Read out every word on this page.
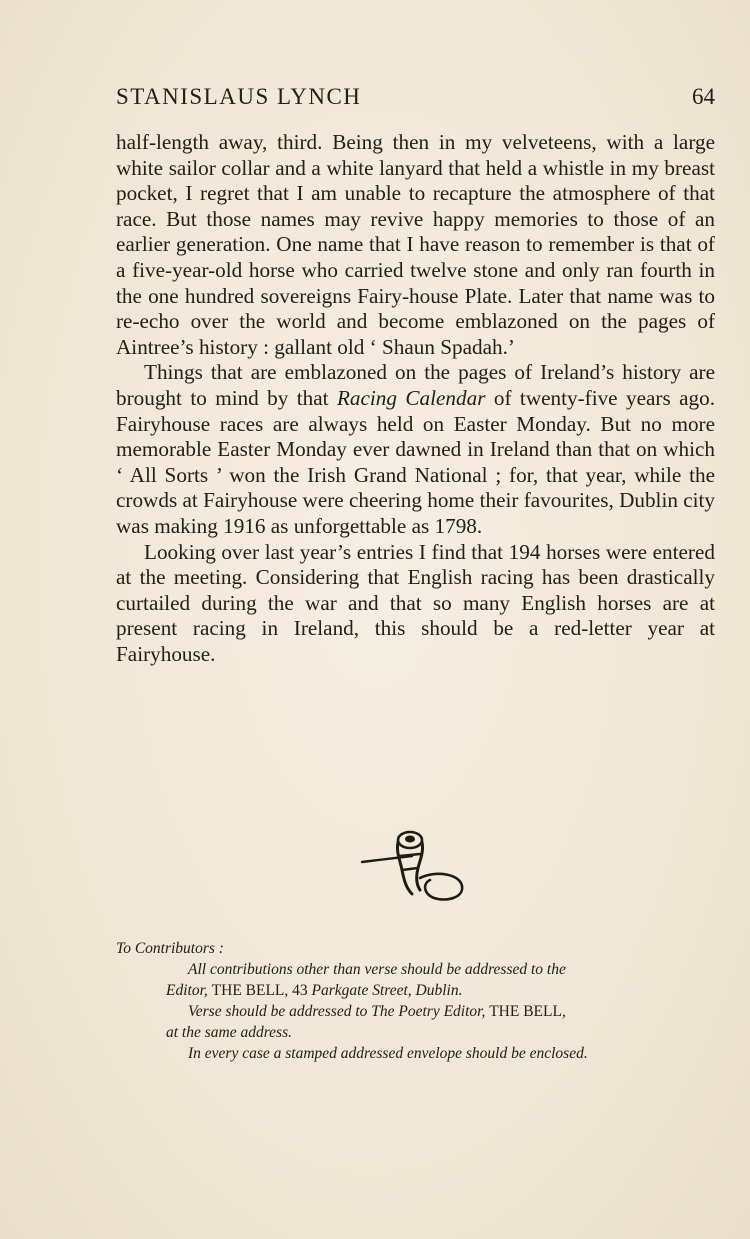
STANISLAUS LYNCH	64

half-length away, third. Being then in my velveteens, with a large white sailor collar and a white lanyard that held a whistle in my breast pocket, I regret that I am unable to recapture the atmosphere of that race. But those names may revive happy memories to those of an earlier generation. One name that I have reason to remember is that of a five-year-old horse who carried twelve stone and only ran fourth in the one hundred sovereigns Fairy-house Plate. Later that name was to re-echo over the world and become emblazoned on the pages of Aintree’s history : gallant old ‘ Shaun Spadah.’

Things that are emblazoned on the pages of Ireland’s history are brought to mind by that Racing Calendar of twenty-five years ago. Fairyhouse races are always held on Easter Monday. But no more memorable Easter Monday ever dawned in Ireland than that on which ‘ All Sorts ’ won the Irish Grand National ; for, that year, while the crowds at Fairyhouse were cheering home their favourites, Dublin city was making 1916 as unforgettable as 1798.

Looking over last year’s entries I find that 194 horses were entered at the meeting. Considering that English racing has been drastically curtailed during the war and that so many English horses are at present racing in Ireland, this should be a red-letter year at Fairyhouse.

To Contributors :

All contributions other than verse should be addressed to the

Editor, THE BELL, 43 Parkgate Street, Dublin.

Verse should be addressed to The Poetry Editor, THE BELL,

at the same address.

In every case a stamped addressed envelope should be enclosed.
